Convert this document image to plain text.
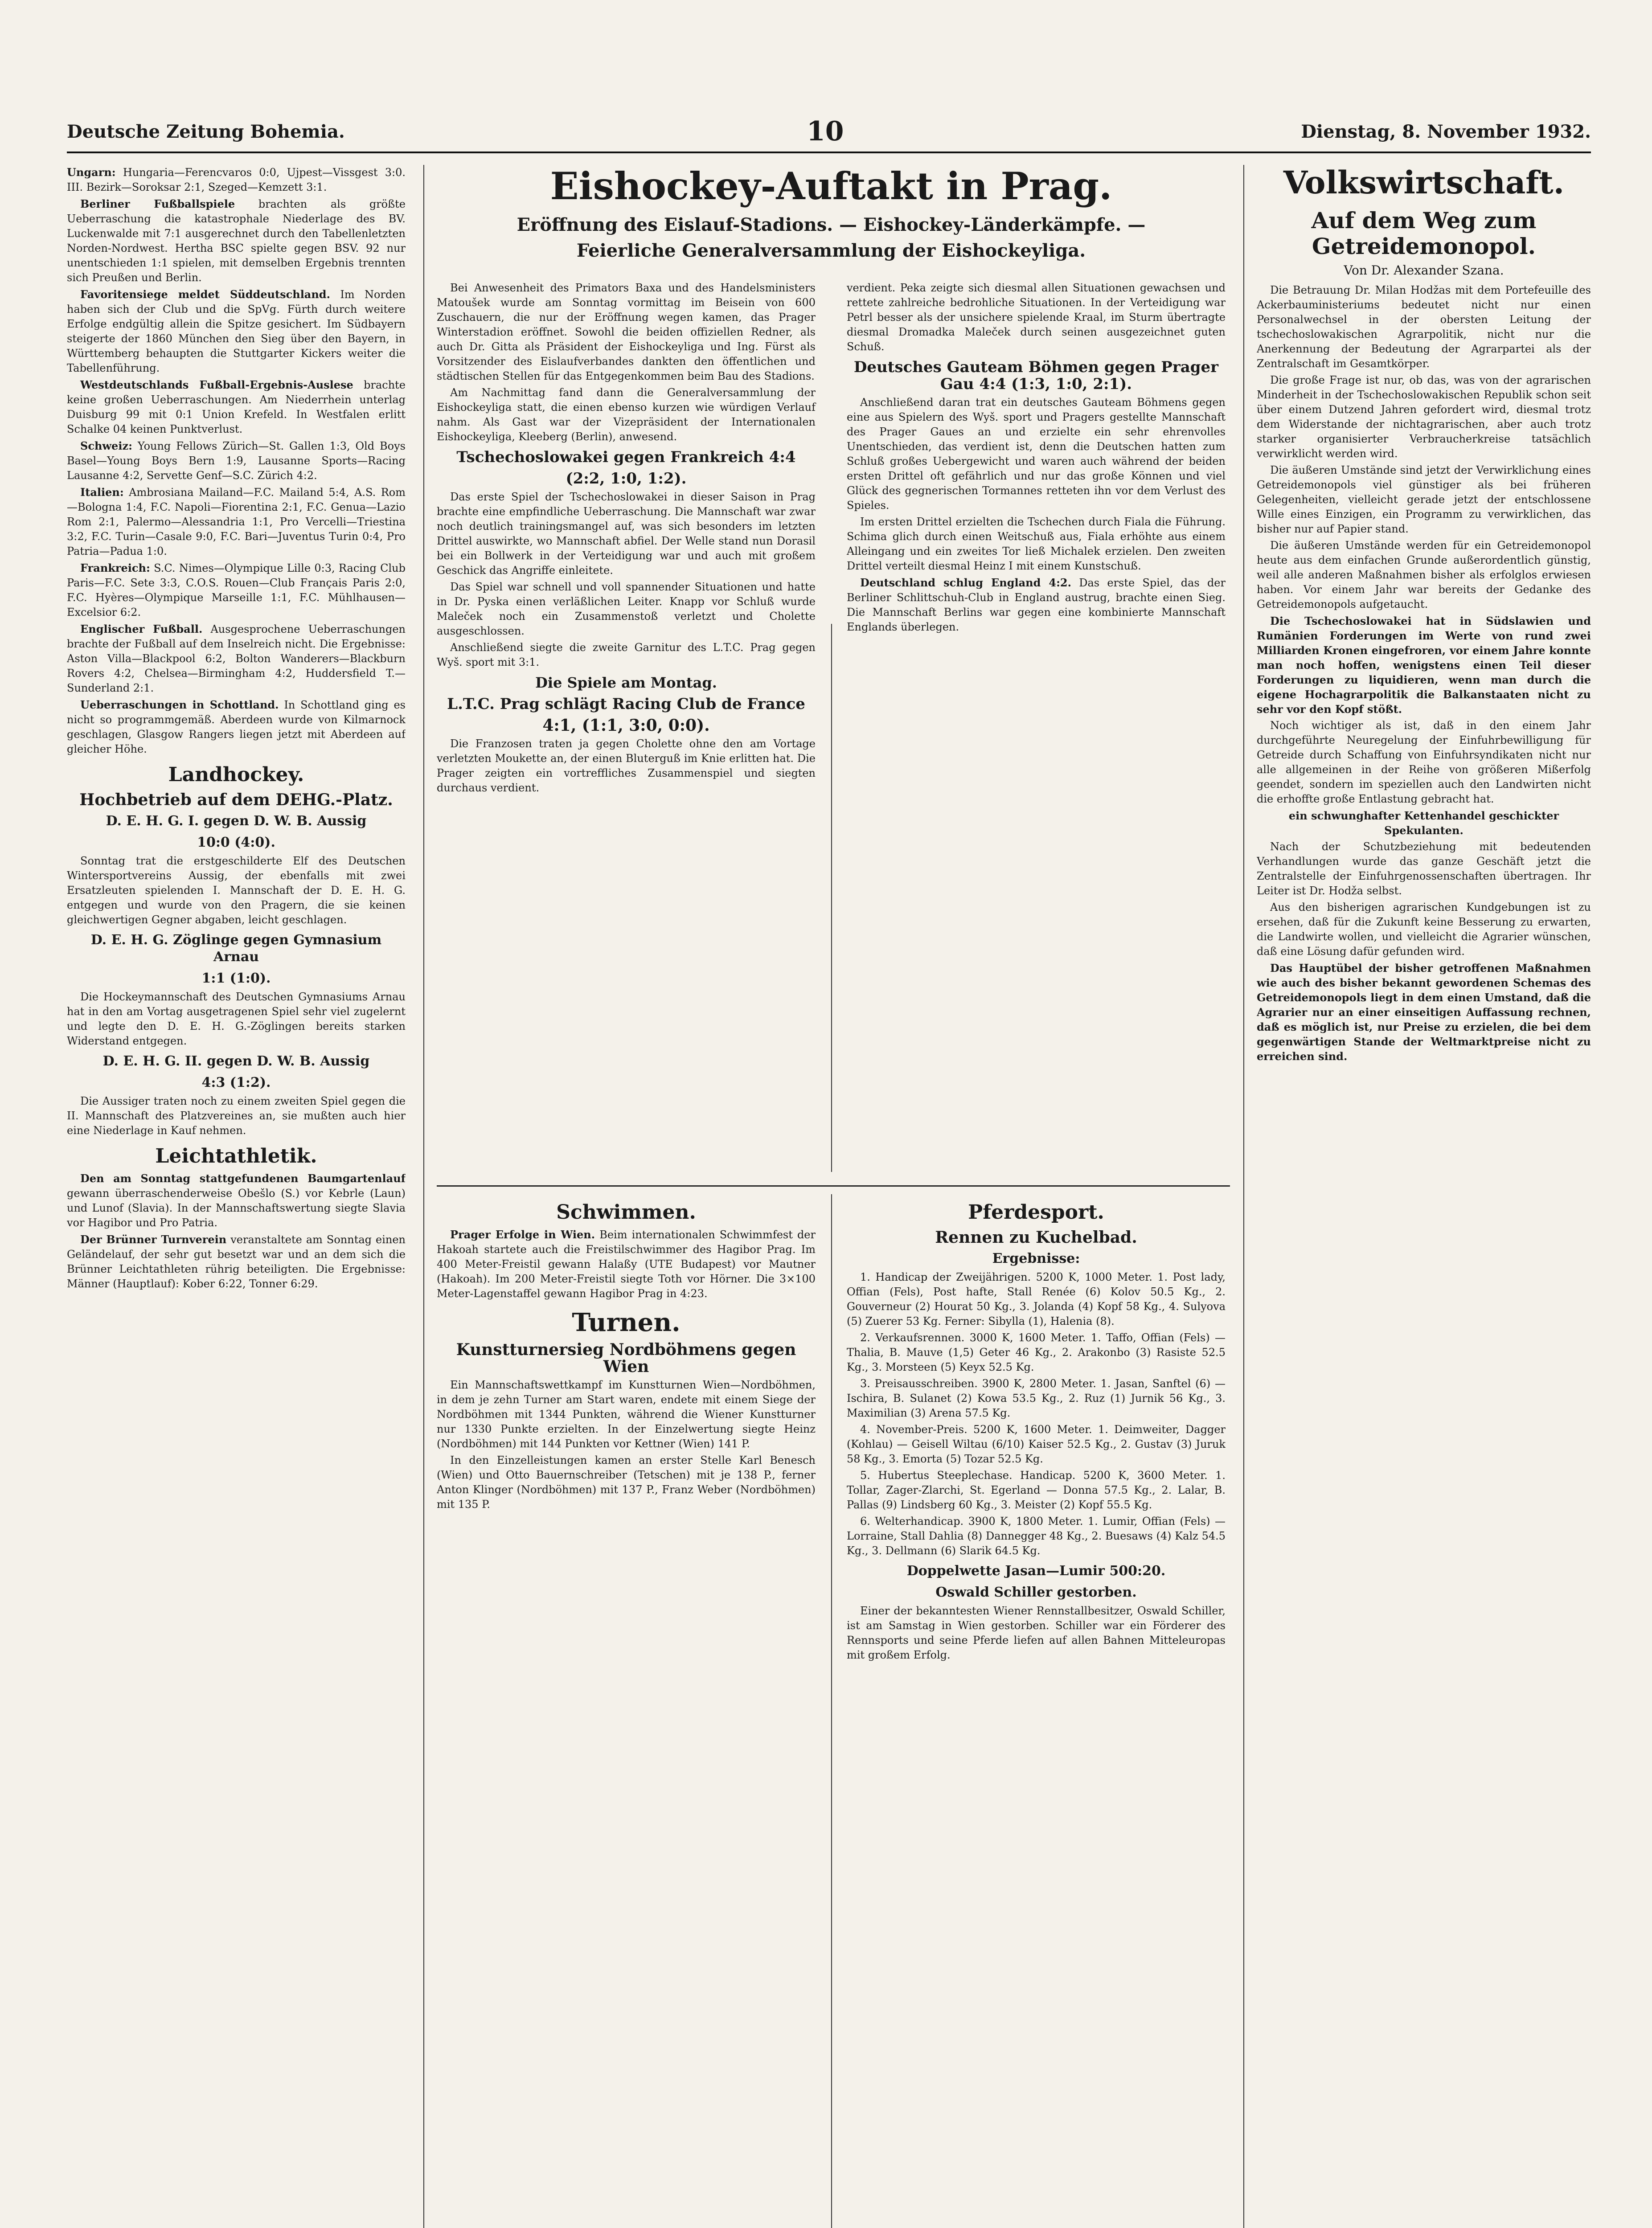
Deutsche Zeitung Bohemia.	10	Dienstag, 8. November 1932.

Ungarn: Hungaria—Ferencvaros 0:0, Ujpest—Vissgest 3:0. III. Bezirk—Soroksar 2:1, Szeged—Kemzett 3:1.

Berliner Fußballspiele brachten als größte Ueberraschung die katastrophale Niederlage des BV. Luckenwalde mit 7:1 ausgerechnet durch den Tabellenletzten Norden-Nordwest. Hertha BSC spielte gegen BSV. 92 nur unentschieden 1:1 spielen, mit demselben Ergebnis trennten sich Preußen und Berlin.

Favoritensiege meldet Süddeutschland. Im Norden haben sich der Club und die SpVg. Fürth durch weitere Erfolge endgültig allein die Spitze gesichert. Im Südbayern steigerte der 1860 München den Sieg über den Bayern, in Württemberg behaupten die Stuttgarter Kickers weiter die Tabellenführung.

Westdeutschlands Fußball-Ergebnis-Auslese brachte keine großen Ueberraschungen. Am Niederrhein unterlag Duisburg 99 mit 0:1 Union Krefeld. In Westfalen erlitt Schalke 04 keinen Punktverlust.

Schweiz: Young Fellows Zürich—St. Gallen 1:3, Old Boys Basel—Young Boys Bern 1:9, Lausanne Sports—Racing Lausanne 4:2, Servette Genf—S.C. Zürich 4:2.

Italien: Ambrosiana Mailand—F.C. Mailand 5:4, A.S. Rom—Bologna 1:4, F.C. Napoli—Fiorentina 2:1, F.C. Genua—Lazio Rom 2:1, Palermo—Alessandria 1:1, Pro Vercelli—Triestina 3:2, F.C. Turin—Casale 9:0, F.C. Bari—Juventus Turin 0:4, Pro Patria—Padua 1:0.

Frankreich: S.C. Nimes—Olympique Lille 0:3, Racing Club Paris—F.C. Sete 3:3, C.O.S. Rouen—Club Français Paris 2:0, F.C. Hyères—Olympique Marseille 1:1, F.C. Mühlhausen—Excelsior 6:2.

Englischer Fußball. Ausgesprochene Ueberraschungen brachte der Fußball auf dem Inselreich nicht. Die Ergebnisse: Aston Villa—Blackpool 6:2, Bolton Wanderers—Blackburn Rovers 4:2, Chelsea—Birmingham 4:2, Huddersfield T.—Sunderland 2:1.

Ueberraschungen in Schottland. In Schottland ging es nicht so programmgemäß. Aberdeen wurde von Kilmarnock geschlagen, Glasgow Rangers liegen jetzt mit Aberdeen auf gleicher Höhe.

Landhockey.
Hochbetrieb auf dem DEHG.-Platz.
D. E. H. G. I. gegen D. W. B. Aussig
10:0 (4:0).

Sonntag trat die erstgeschilderte Elf des Deutschen Wintersportvereins Aussig, der ebenfalls mit zwei Ersatzleuten spielenden I. Mannschaft der D. E. H. G. entgegen und wurde von den Pragern, die sie keinen gleichwertigen Gegner abgaben, leicht geschlagen.

D. E. H. G. Zöglinge gegen Gymnasium Arnau
1:1 (1:0).

Die Hockeymannschaft des Deutschen Gymnasiums Arnau hat in den am Vortag ausgetragenen Spiel sehr viel zugelernt und legte den D. E. H. G.-Zöglingen bereits starken Widerstand entgegen.

D. E. H. G. II. gegen D. W. B. Aussig
4:3 (1:2).

Die Aussiger traten noch zu einem zweiten Spiel gegen die II. Mannschaft des Platzvereines an, sie mußten auch hier eine Niederlage in Kauf nehmen.

Leichtathletik.

Den am Sonntag stattgefundenen Baumgartenlauf gewann überraschenderweise Obešlo (S.) vor Kebrle (Laun) und Lunof (Slavia). In der Mannschaftswertung siegte Slavia vor Hagibor und Pro Patria.

Der Brünner Turnverein veranstaltete am Sonntag einen Geländelauf, der sehr gut besetzt war und an dem sich die Brünner Leichtathleten rührig beteiligten. Die Ergebnisse: Männer (Hauptlauf): Kober 6:22, Tonner 6:29.

Eishockey-Auftakt in Prag.
Eröffnung des Eislauf-Stadions. — Eishockey-Länderkämpfe. —
Feierliche Generalversammlung der Eishockeyliga.

Bei Anwesenheit des Primators Baxa und des Handelsministers Matoušek wurde am Sonntag vormittag im Beisein von 600 Zuschauern, die nur der Eröffnung wegen kamen, das Prager Winterstadion eröffnet. Sowohl die beiden offiziellen Redner, als auch Dr. Gitta als Präsident der Eishockeyliga und Ing. Fürst als Vorsitzender des Eislaufverbandes dankten den öffentlichen und städtischen Stellen für das Entgegenkommen beim Bau des Stadions.

Am Nachmittag fand dann die Generalversammlung der Eishockeyliga statt, die einen ebenso kurzen wie würdigen Verlauf nahm. Als Gast war der Vizepräsident der Internationalen Eishockeyliga, Kleeberg (Berlin), anwesend.

Tschechoslowakei gegen Frankreich 4:4
(2:2, 1:0, 1:2).

Das erste Spiel der Tschechoslowakei in dieser Saison in Prag brachte eine empfindliche Ueberraschung. Die Mannschaft war zwar noch deutlich trainingsmangel auf, was sich besonders im letzten Drittel auswirkte, wo Mannschaft abfiel. Der Welle stand nun Dorasil bei ein Bollwerk in der Verteidigung war und auch mit großem Geschick das Angriffe einleitete.

Das Spiel war schnell und voll spannender Situationen und hatte in Dr. Pyska einen verläßlichen Leiter. Knapp vor Schluß wurde Maleček noch ein Zusammenstoß verletzt und Cholette ausgeschlossen.

Anschließend siegte die zweite Garnitur des L.T.C. Prag gegen Wyš. sport mit 3:1.

Die Spiele am Montag.
L.T.C. Prag schlägt Racing Club de France
4:1, (1:1, 3:0, 0:0).

Die Franzosen traten ja gegen Cholette ohne den am Vortage verletzten Moukette an, der einen Bluterguß im Knie erlitten hat. Die Prager zeigten ein vortreffliches Zusammenspiel und siegten durchaus verdient.

verdient. Peka zeigte sich diesmal allen Situationen gewachsen und rettete zahlreiche bedrohliche Situationen. In der Verteidigung war Petrl besser als der unsichere spielende Kraal, im Sturm übertragte diesmal Dromadka Maleček durch seinen ausgezeichnet guten Schuß.

Deutsches Gauteam Böhmen gegen Prager Gau 4:4 (1:3, 1:0, 2:1).

Anschließend daran trat ein deutsches Gauteam Böhmens gegen eine aus Spielern des Wyš. sport und Pragers gestellte Mannschaft des Prager Gaues an und erzielte ein sehr ehrenvolles Unentschieden, das verdient ist, denn die Deutschen hatten zum Schluß großes Uebergewicht und waren auch während der beiden ersten Drittel oft gefährlich und nur das große Können und viel Glück des gegnerischen Tormannes retteten ihn vor dem Verlust des Spieles.

Im ersten Drittel erzielten die Tschechen durch Fiala die Führung. Schima glich durch einen Weitschuß aus, Fiala erhöhte aus einem Alleingang und ein zweites Tor ließ Michalek erzielen. Den zweiten Drittel verteilt diesmal Heinz I mit einem Kunstschuß.

Deutschland schlug England 4:2. Das erste Spiel, das der Berliner Schlittschuh-Club in England austrug, brachte einen Sieg. Die Mannschaft Berlins war gegen eine kombinierte Mannschaft Englands überlegen.

Schwimmen.

Prager Erfolge in Wien. Beim internationalen Schwimmfest der Hakoah startete auch die Freistilschwimmer des Hagibor Prag. Im 400 Meter-Freistil gewann Halaßy (UTE Budapest) vor Mautner (Hakoah). Im 200 Meter-Freistil siegte Toth vor Hörner. Die 3×100 Meter-Lagenstaffel gewann Hagibor Prag in 4:23.

Turnen.
Kunstturnersieg Nordböhmens gegen Wien

Ein Mannschaftswettkampf im Kunstturnen Wien—Nordböhmen, in dem je zehn Turner am Start waren, endete mit einem Siege der Nordböhmen mit 1344 Punkten, während die Wiener Kunstturner nur 1330 Punkte erzielten. In der Einzelwertung siegte Heinz (Nordböhmen) mit 144 Punkten vor Kettner (Wien) 141 P.

In den Einzelleistungen kamen an erster Stelle Karl Benesch (Wien) und Otto Bauernschreiber (Tetschen) mit je 138 P., ferner Anton Klinger (Nordböhmen) mit 137 P., Franz Weber (Nordböhmen) mit 135 P.

Pferdesport.
Rennen zu Kuchelbad.
Ergebnisse:

1. Handicap der Zweijährigen. 5200 K, 1000 Meter. 1. Post lady, Offian (Fels), Post hafte, Stall Renée (6) Kolov 50.5 Kg., 2. Gouverneur (2) Hourat 50 Kg., 3. Jolanda (4) Kopf 58 Kg., 4. Sulyova (5) Zuerer 53 Kg. Ferner: Sibylla (1), Halenia (8).

2. Verkaufsrennen. 3000 K, 1600 Meter. 1. Taffo, Offian (Fels) — Thalia, B. Mauve (1,5) Geter 46 Kg., 2. Arakonbo (3) Rasiste 52.5 Kg., 3. Morsteen (5) Keyx 52.5 Kg.

3. Preisausschreiben. 3900 K, 2800 Meter. 1. Jasan, Sanftel (6) — Ischira, B. Sulanet (2) Kowa 53.5 Kg., 2. Ruz (1) Jurnik 56 Kg., 3. Maximilian (3) Arena 57.5 Kg.

4. November-Preis. 5200 K, 1600 Meter. 1. Deimweiter, Dagger (Kohlau) — Geisell Wiltau (6/10) Kaiser 52.5 Kg., 2. Gustav (3) Juruk 58 Kg., 3. Emorta (5) Tozar 52.5 Kg.

5. Hubertus Steeplechase. Handicap. 5200 K, 3600 Meter. 1. Tollar, Zager-Zlarchi, St. Egerland — Donna 57.5 Kg., 2. Lalar, B. Pallas (9) Lindsberg 60 Kg., 3. Meister (2) Kopf 55.5 Kg.

6. Welterhandicap. 3900 K, 1800 Meter. 1. Lumir, Offian (Fels) — Lorraine, Stall Dahlia (8) Dannegger 48 Kg., 2. Buesaws (4) Kalz 54.5 Kg., 3. Dellmann (6) Slarik 64.5 Kg.

Doppelwette Jasan—Lumir 500:20.
Oswald Schiller gestorben.

Einer der bekanntesten Wiener Rennstallbesitzer, Oswald Schiller, ist am Samstag in Wien gestorben. Schiller war ein Förderer des Rennsports und seine Pferde liefen auf allen Bahnen Mitteleuropas mit großem Erfolg.

Volkswirtschaft.
Auf dem Weg zum Getreidemonopol.
Von Dr. Alexander Szana.

Die Betrauung Dr. Milan Hodžas mit dem Portefeuille des Ackerbauministeriums bedeutet nicht nur einen Personalwechsel in der obersten Leitung der tschechoslowakischen Agrarpolitik, nicht nur die Anerkennung der Bedeutung der Agrarpartei als der Zentralschaft im Gesamtkörper.

Die große Frage ist nur, ob das, was von der agrarischen Minderheit in der Tschechoslowakischen Republik schon seit über einem Dutzend Jahren gefordert wird, diesmal trotz dem Widerstande der nichtagrarischen, aber auch trotz starker organisierter Verbraucherkreise tatsächlich verwirklicht werden wird.

Die äußeren Umstände sind jetzt der Verwirklichung eines Getreidemonopols viel günstiger als bei früheren Gelegenheiten, vielleicht gerade jetzt der entschlossene Wille eines Einzigen, ein Programm zu verwirklichen, das bisher nur auf Papier stand.

Die äußeren Umstände werden für ein Getreidemonopol heute aus dem einfachen Grunde außerordentlich günstig, weil alle anderen Maßnahmen bisher als erfolglos erwiesen haben. Vor einem Jahr war bereits der Gedanke des Getreidemonopols aufgetaucht.

Die Tschechoslowakei hat in Südslawien und Rumänien Forderungen im Werte von rund zwei Milliarden Kronen eingefroren, vor einem Jahre konnte man noch hoffen, wenigstens einen Teil dieser Forderungen zu liquidieren, wenn man durch die eigene Hochagrarpolitik die Balkanstaaten nicht zu sehr vor den Kopf stößt.

Noch wichtiger als ist, daß in den einem Jahr durchgeführte Neuregelung der Einfuhrbewilligung für Getreide durch Schaffung von Einfuhrsyndikaten nicht nur alle allgemeinen in der Reihe von größeren Mißerfolg geendet, sondern im speziellen auch den Landwirten nicht die erhoffte große Entlastung gebracht hat.

ein schwunghafter Kettenhandel geschickter Spekulanten.

Nach der Schutzbeziehung mit bedeutenden Verhandlungen wurde das ganze Geschäft jetzt die Zentralstelle der Einfuhrgenossenschaften übertragen. Ihr Leiter ist Dr. Hodža selbst.

Aus den bisherigen agrarischen Kundgebungen ist zu ersehen, daß für die Zukunft keine Besserung zu erwarten, die Landwirte wollen, und vielleicht die Agrarier wünschen, daß eine Lösung dafür gefunden wird.

Das Hauptübel der bisher getroffenen Maßnahmen wie auch des bisher bekannt gewordenen Schemas des Getreidemonopols liegt in dem einen Umstand, daß die Agrarier nur an einer einseitigen Auffassung rechnen, daß es möglich ist, nur Preise zu erzielen, die bei dem gegenwärtigen Stande der Weltmarktpreise nicht zu erreichen sind.
